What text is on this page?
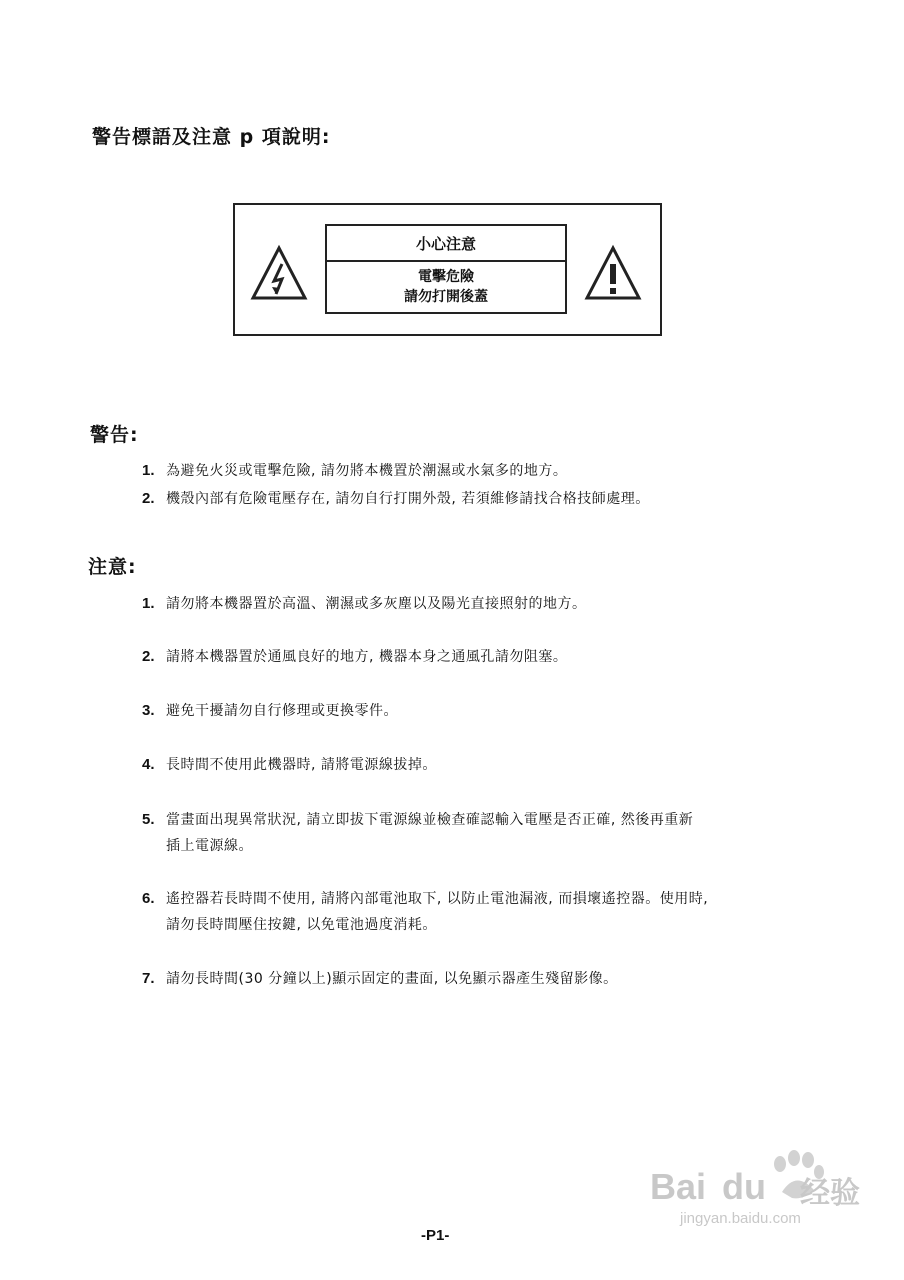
警告標語及注意 p 項說明:
小心注意
電擊危險
請勿打開後蓋
警告:
1. 為避免火災或電擊危險, 請勿將本機置於潮濕或水氣多的地方。
2. 機殼內部有危險電壓存在, 請勿自行打開外殼, 若須維修請找合格技師處理。
注意:
1. 請勿將本機器置於高溫、潮濕或多灰塵以及陽光直接照射的地方。
2. 請將本機器置於通風良好的地方, 機器本身之通風孔請勿阻塞。
3. 避免干擾請勿自行修理或更換零件。
4. 長時間不使用此機器時, 請將電源線拔掉。
5. 當畫面出現異常狀況, 請立即拔下電源線並檢查確認輸入電壓是否正確, 然後再重新
插上電源線。
6. 遙控器若長時間不使用, 請將內部電池取下, 以防止電池漏液, 而損壞遙控器。使用時,
請勿長時間壓住按鍵, 以免電池過度消耗。
7. 請勿長時間(30 分鐘以上)顯示固定的畫面, 以免顯示器產生殘留影像。
Bai du 经验
jingyan.baidu.com
-P1-
